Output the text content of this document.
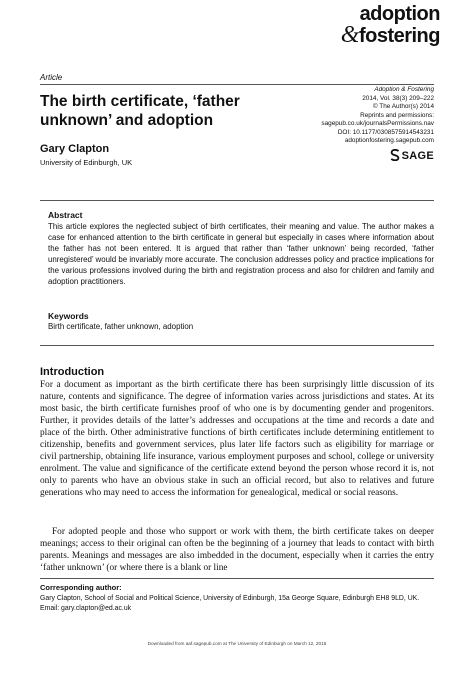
adoption
&fostering
Article
The birth certificate, ‘father unknown’ and adoption
Gary Clapton
University of Edinburgh, UK
Adoption & Fostering
2014, Vol. 38(3) 209–222
© The Author(s) 2014
Reprints and permissions:
sagepub.co.uk/journalsPermissions.nav
DOI: 10.1177/0308575914543231
adoptionfostering.sagepub.com
SAGE
Abstract
This article explores the neglected subject of birth certificates, their meaning and value. The author makes a case for enhanced attention to the birth certificate in general but especially in cases where information about the father has not been entered. It is argued that rather than ‘father unknown’ being recorded, ‘father unregistered’ would be invariably more accurate. The conclusion addresses policy and practice implications for the various professions involved during the birth and registration process and also for children and family and adoption practitioners.
Keywords
Birth certificate, father unknown, adoption
Introduction
For a document as important as the birth certificate there has been surprisingly little discussion of its nature, contents and significance. The degree of information varies across jurisdictions and states. At its most basic, the birth certificate furnishes proof of who one is by documenting gender and progenitors. Further, it provides details of the latter’s addresses and occupations at the time and records a date and place of the birth. Other administrative functions of birth certificates include determining entitlement to citizenship, benefits and government services, plus later life factors such as eligibility for marriage or civil partnership, obtaining life insurance, various employment purposes and school, college or university enrolment. The value and significance of the certificate extend beyond the person whose record it is, not only to parents who have an obvious stake in such an official record, but also to relatives and future generations who may need to access the information for genealogical, medical or social reasons.
For adopted people and those who support or work with them, the birth certificate takes on deeper meanings; access to their original can often be the beginning of a journey that leads to contact with birth parents. Meanings and messages are also imbedded in the document, especially when it carries the entry ‘father unknown’ (or where there is a blank or line
Corresponding author:
Gary Clapton, School of Social and Political Science, University of Edinburgh, 15a George Square, Edinburgh EH8 9LD, UK.
Email: gary.clapton@ed.ac.uk
Downloaded from aaf.sagepub.com at The University of Edinburgh on March 12, 2015
